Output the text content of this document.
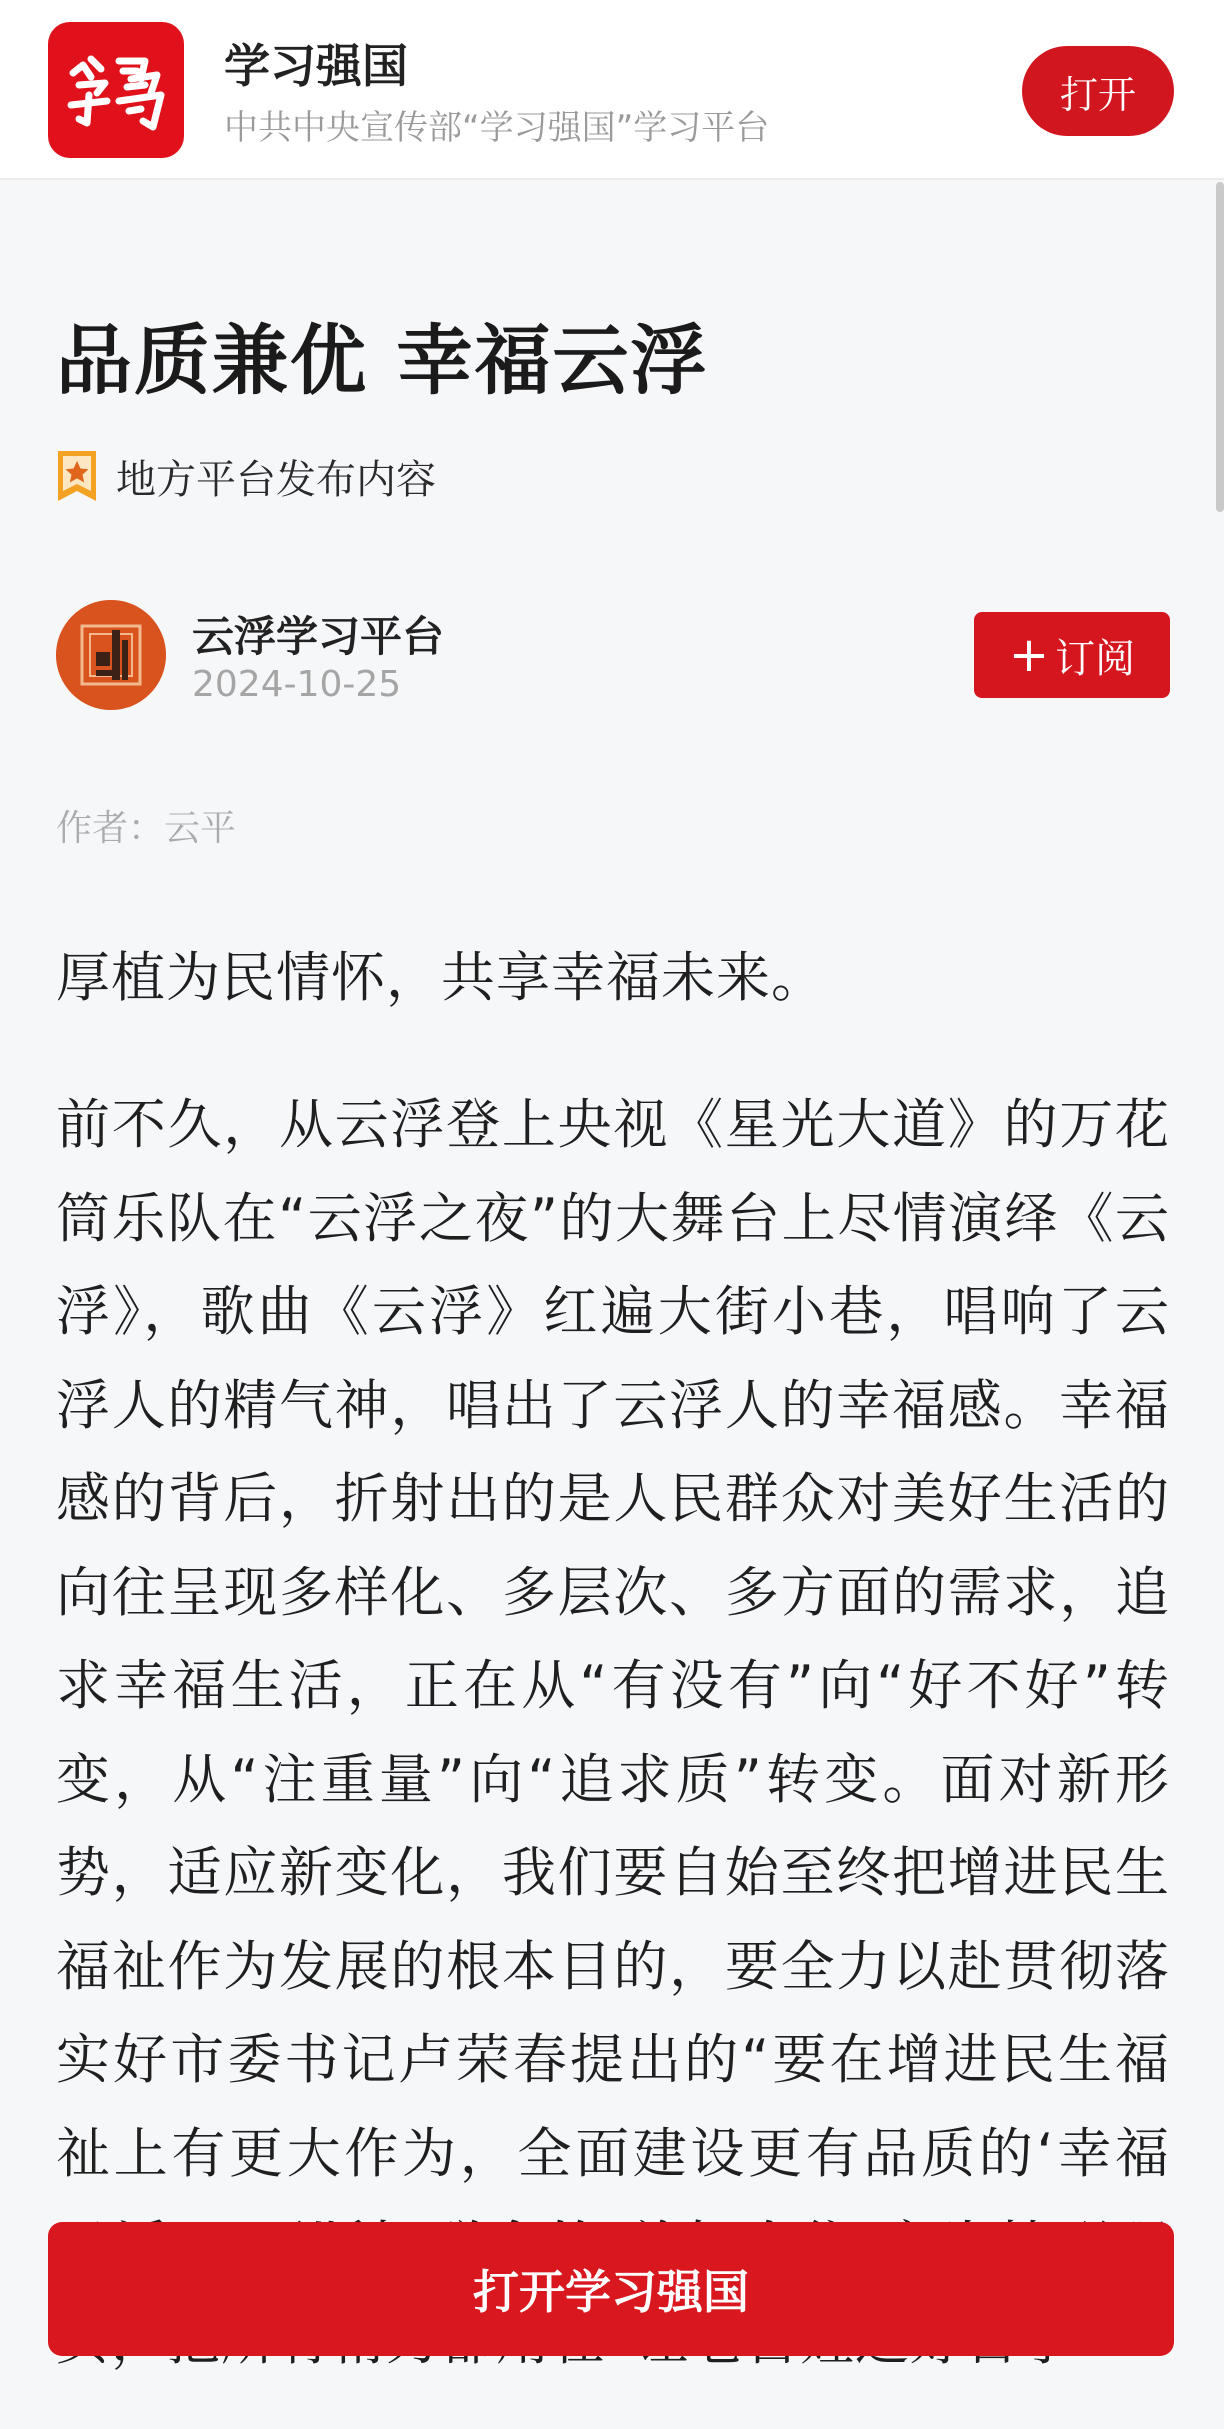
学习强国
中共中央宣传部“学习强国”学习平台
打开
品质兼优 幸福云浮
地方平台发布内容
云浮学习平台
2024-10-25
+ 订阅
作者：云平

厚植为民情怀，共享幸福未来。

前不久，从云浮登上央视《星光大道》的万花筒乐队在“云浮之夜”的大舞台上尽情演绎《云浮》，歌曲《云浮》红遍大街小巷，唱响了云浮人的精气神，唱出了云浮人的幸福感。幸福感的背后，折射出的是人民群众对美好生活的向往呈现多样化、多层次、多方面的需求，追求幸福生活，正在从“有没有”向“好不好”转变，从“注重量”向“追求质”转变。面对新形势，适应新变化，我们要自始至终把增进民生福祉作为发展的根本目的，要全力以赴贯彻落实好市委书记卢荣春提出的“要在增进民生福祉上有更大作为，全面建设更有品质的‘幸福

打开学习强国
